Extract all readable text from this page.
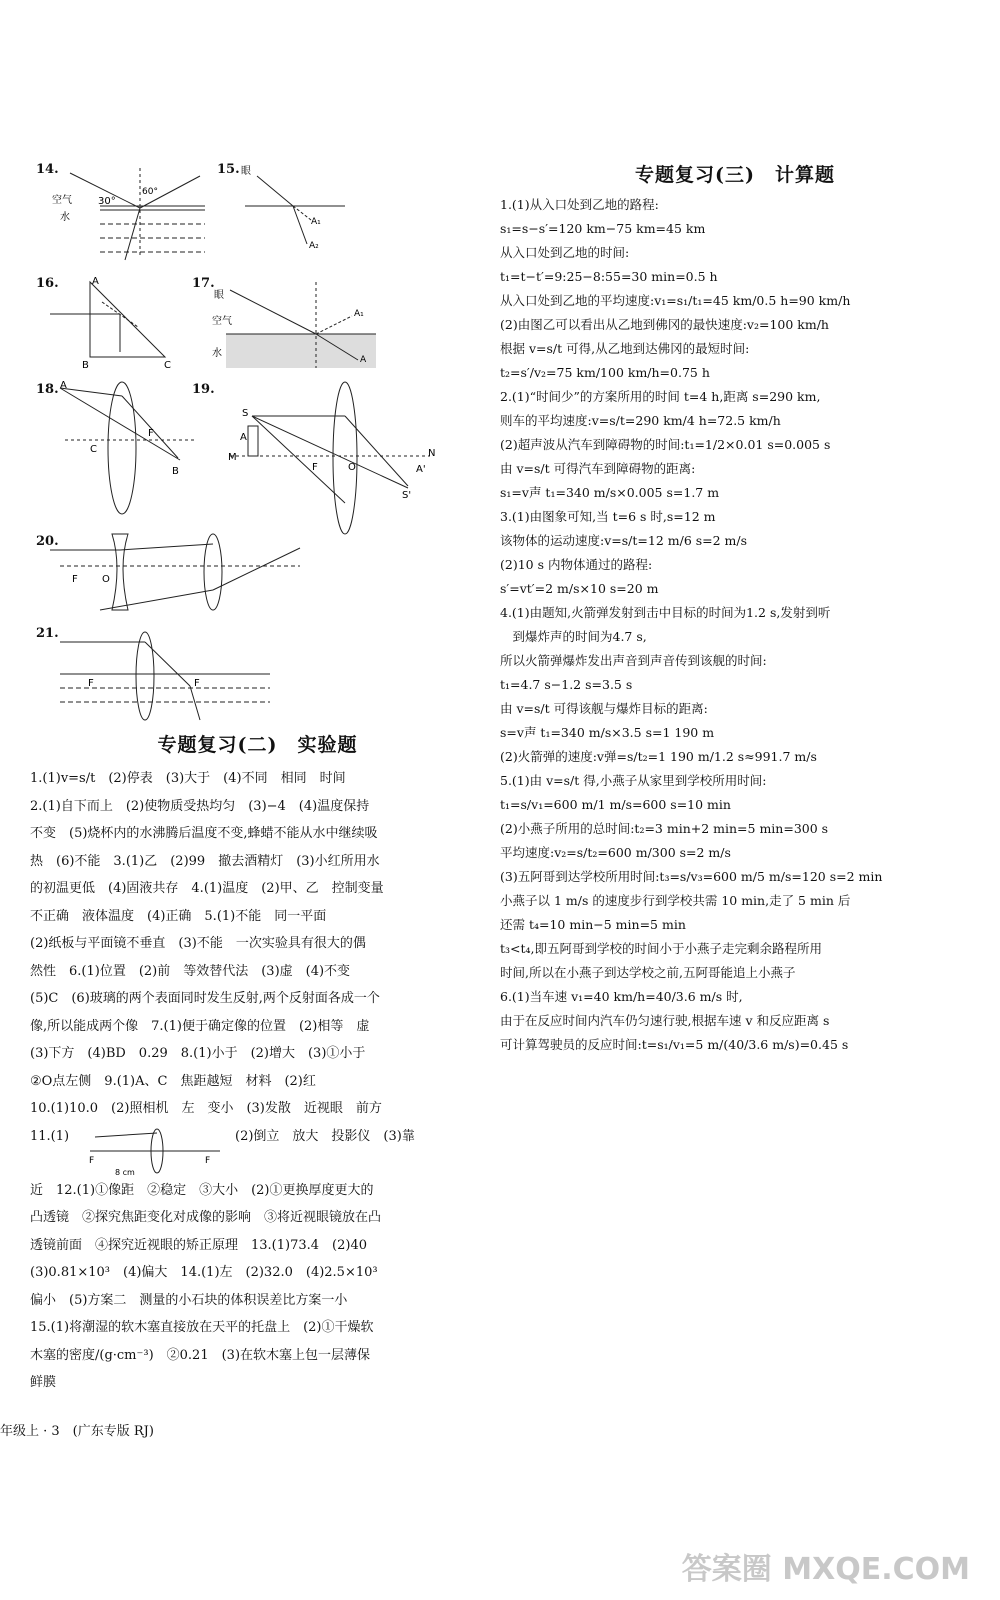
14.
空气
水
30°
60°
15. 眼
A₁
A₂
16.	A
B	C
17.
眼
空气
水
A₁
A
18. A
C
F
B
19.
S
A
M	N
F	O	A'
S'
20.
F O
21.
F	F
专题复习(二)　实验题
1.(1)v=s/t　(2)停表　(3)大于　(4)不同　相同　时间
2.(1)自下而上　(2)使物质受热均匀　(3)−4　(4)温度保持
不变　(5)烧杯内的水沸腾后温度不变,蜂蜡不能从水中继续吸
热　(6)不能　3.(1)乙　(2)99　撤去酒精灯　(3)小红所用水
的初温更低　(4)固液共存　4.(1)温度　(2)甲、乙　控制变量
不正确　液体温度　(4)正确　5.(1)不能　同一平面
(2)纸板与平面镜不垂直　(3)不能　一次实验具有很大的偶
然性　6.(1)位置　(2)前　等效替代法　(3)虚　(4)不变
(5)C　(6)玻璃的两个表面同时发生反射,两个反射面各成一个
像,所以能成两个像　7.(1)便于确定像的位置　(2)相等　虚
(3)下方　(4)BD　0.29　8.(1)小于　(2)增大　(3)①小于
②O点左侧　9.(1)A、C　焦距越短　材料　(2)红
10.(1)10.0　(2)照相机　左　变小　(3)发散　近视眼　前方
11.(1)
F	F
8 cm
(2)倒立　放大　投影仪　(3)靠
近　12.(1)①像距　②稳定　③大小　(2)①更换厚度更大的
凸透镜　②探究焦距变化对成像的影响　③将近视眼镜放在凸
透镜前面　④探究近视眼的矫正原理　13.(1)73.4　(2)40
(3)0.81×10³　(4)偏大　14.(1)左　(2)32.0　(4)2.5×10³
偏小　(5)方案二　测量的小石块的体积误差比方案一小
15.(1)将潮湿的软木塞直接放在天平的托盘上　(2)①干燥软
木塞的密度/(g·cm⁻³)　②0.21　(3)在软木塞上包一层薄保
鲜膜
年级上 · 3　(广东专版 RJ)
专题复习(三)　计算题
1.(1)从入口处到乙地的路程:
s₁=s−s′=120 km−75 km=45 km
从入口处到乙地的时间:
t₁=t−t′=9:25−8:55=30 min=0.5 h
从入口处到乙地的平均速度:v₁=s₁/t₁=45 km/0.5 h=90 km/h
(2)由图乙可以看出从乙地到佛冈的最快速度:v₂=100 km/h
根据 v=s/t 可得,从乙地到达佛冈的最短时间:
t₂=s′/v₂=75 km/100 km/h=0.75 h
2.(1)“时间少”的方案所用的时间 t=4 h,距离 s=290 km,
则车的平均速度:v=s/t=290 km/4 h=72.5 km/h
(2)超声波从汽车到障碍物的时间:t₁=1/2×0.01 s=0.005 s
由 v=s/t 可得汽车到障碍物的距离:
s₁=v声 t₁=340 m/s×0.005 s=1.7 m
3.(1)由图象可知,当 t=6 s 时,s=12 m
该物体的运动速度:v=s/t=12 m/6 s=2 m/s
(2)10 s 内物体通过的路程:
s′=vt′=2 m/s×10 s=20 m
4.(1)由题知,火箭弹发射到击中目标的时间为1.2 s,发射到听
　到爆炸声的时间为4.7 s,
所以火箭弹爆炸发出声音到声音传到该舰的时间:
t₁=4.7 s−1.2 s=3.5 s
由 v=s/t 可得该舰与爆炸目标的距离:
s=v声 t₁=340 m/s×3.5 s=1 190 m
(2)火箭弹的速度:v弹=s/t₂=1 190 m/1.2 s≈991.7 m/s
5.(1)由 v=s/t 得,小燕子从家里到学校所用时间:
t₁=s/v₁=600 m/1 m/s=600 s=10 min
(2)小燕子所用的总时间:t₂=3 min+2 min=5 min=300 s
平均速度:v₂=s/t₂=600 m/300 s=2 m/s
(3)五阿哥到达学校所用时间:t₃=s/v₃=600 m/5 m/s=120 s=2 min
小燕子以 1 m/s 的速度步行到学校共需 10 min,走了 5 min 后
还需 t₄=10 min−5 min=5 min
t₃<t₄,即五阿哥到学校的时间小于小燕子走完剩余路程所用
时间,所以在小燕子到达学校之前,五阿哥能追上小燕子
6.(1)当车速 v₁=40 km/h=40/3.6 m/s 时,
由于在反应时间内汽车仍匀速行驶,根据车速 v 和反应距离 s
可计算驾驶员的反应时间:t=s₁/v₁=5 m/(40/3.6 m/s)=0.45 s
答案圈 MXQE.COM
